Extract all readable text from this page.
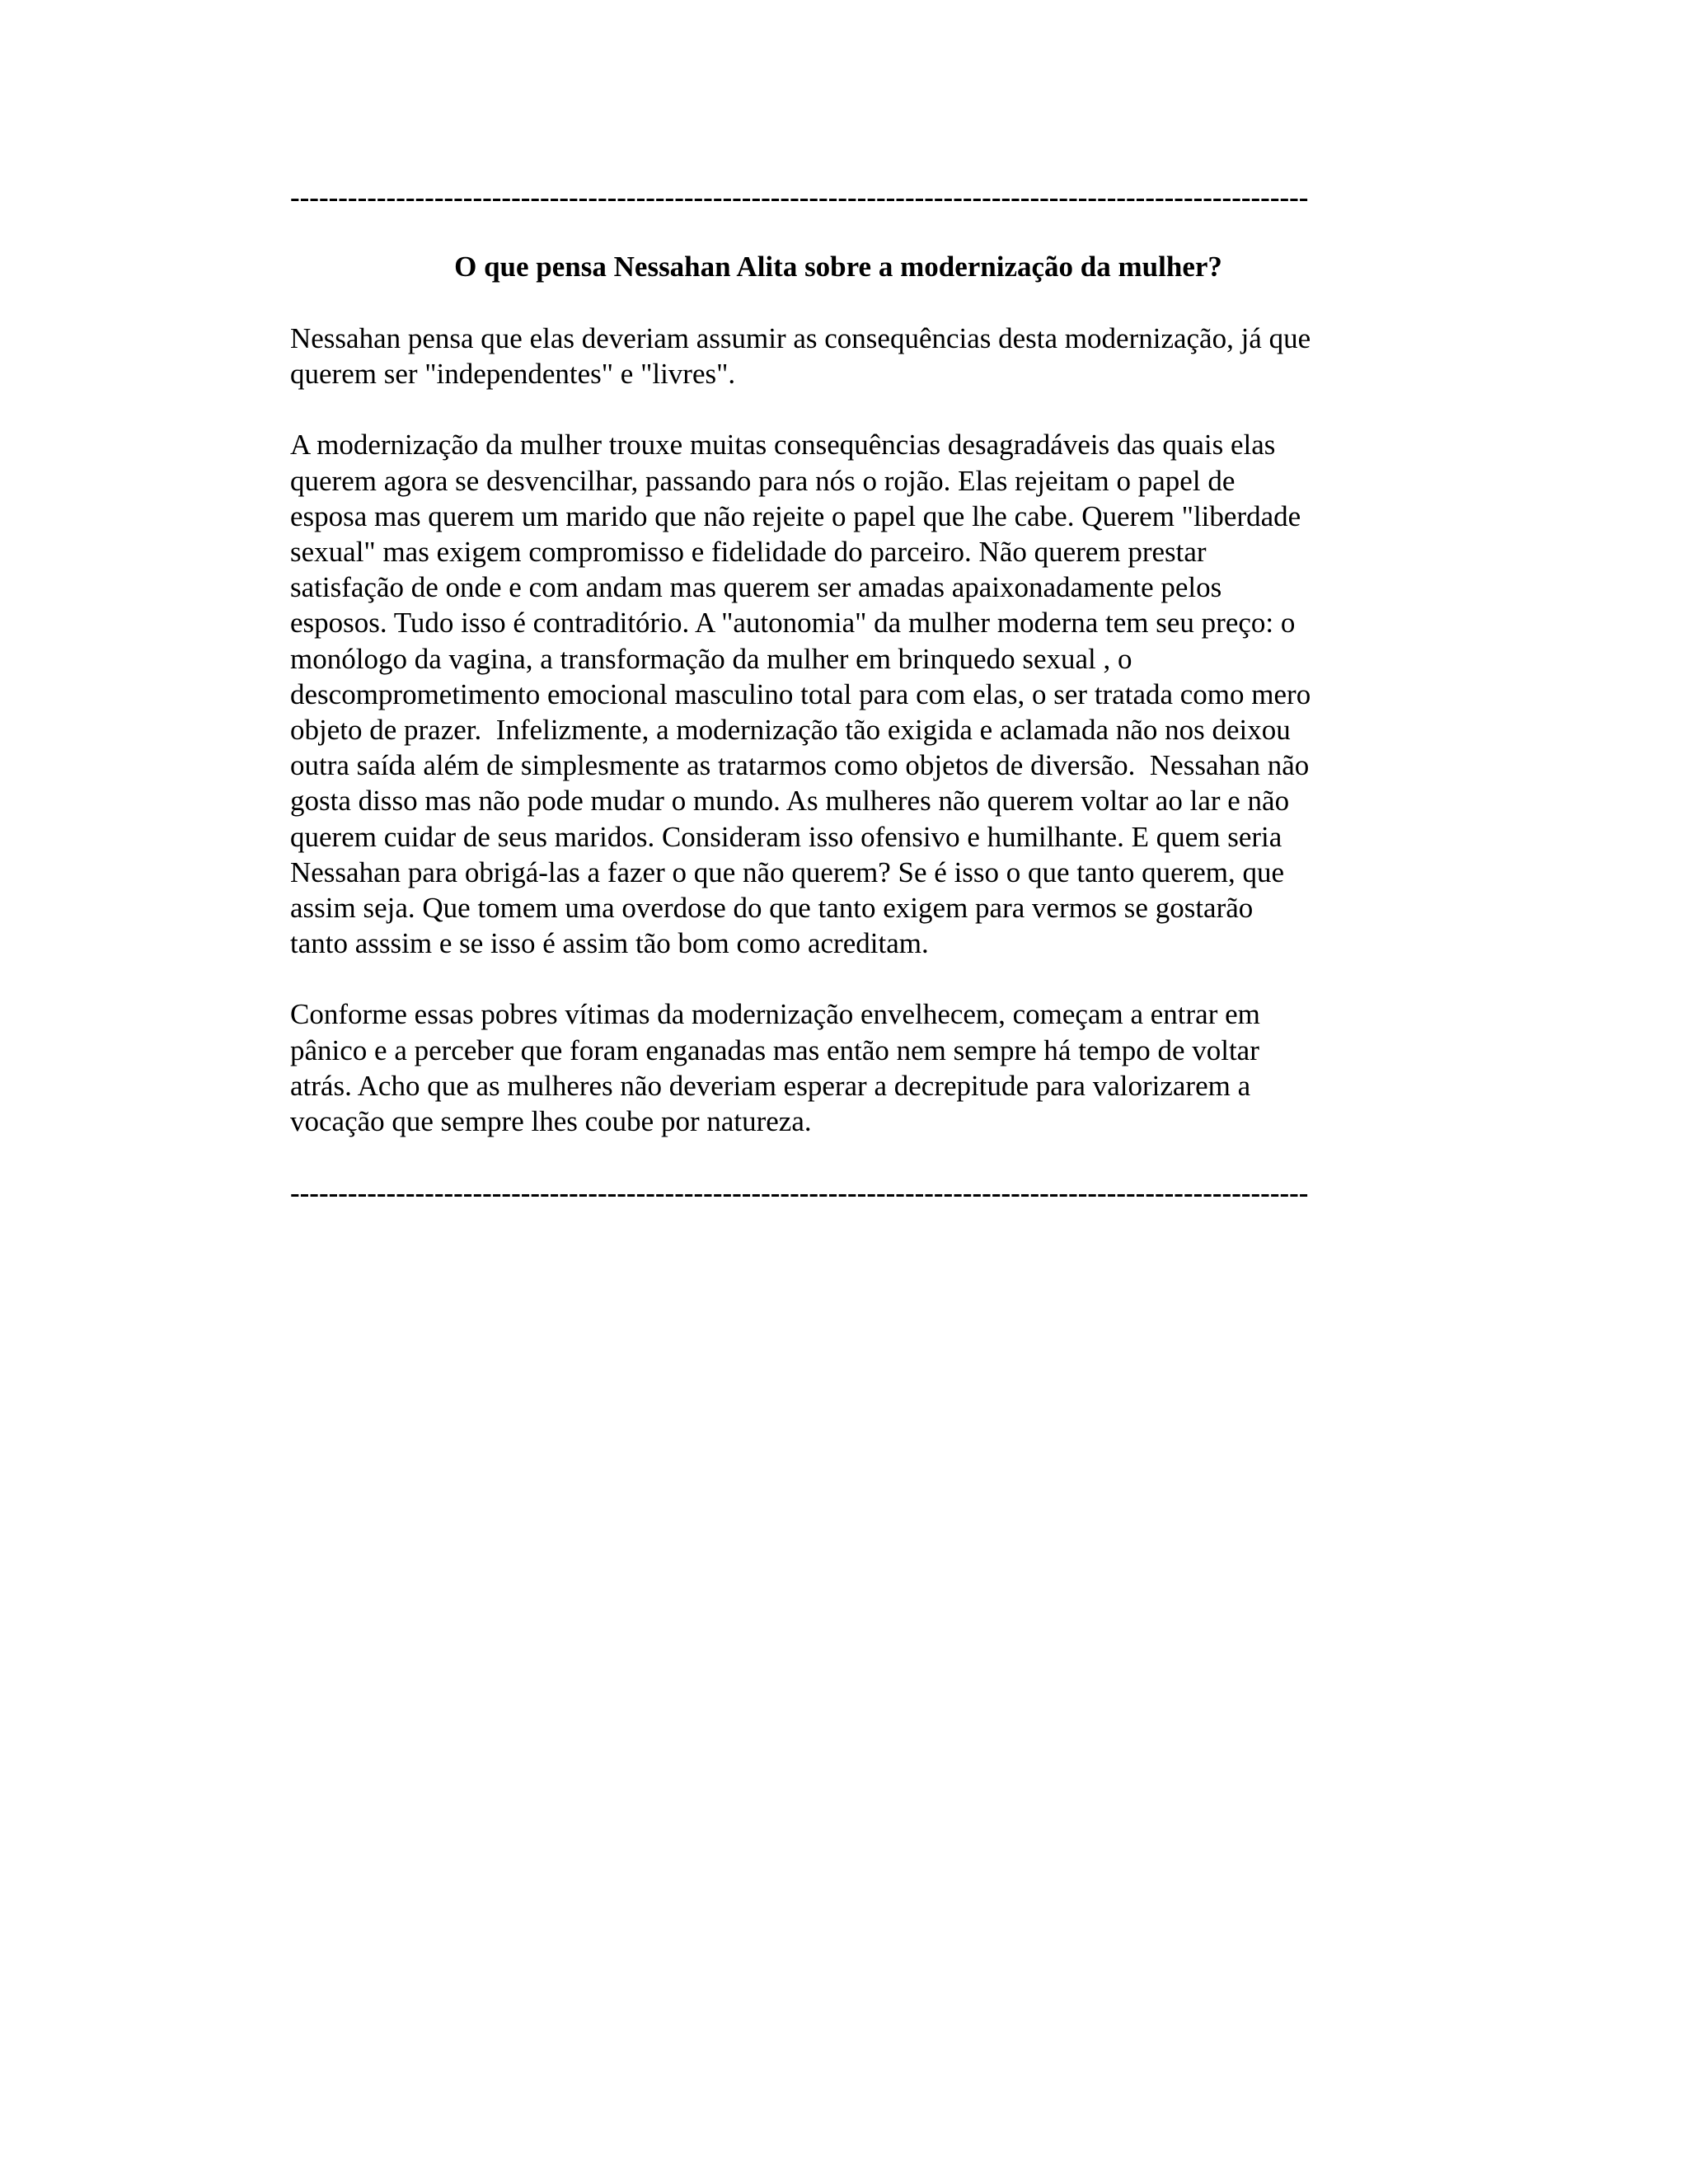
----------------------------------------------------------------------------------------------------------
O que pensa Nessahan Alita sobre a modernização da mulher?
Nessahan pensa que elas deveriam assumir as consequências desta modernização, já que
querem ser "independentes" e "livres".
A modernização da mulher trouxe muitas consequências desagradáveis das quais elas
querem agora se desvencilhar, passando para nós o rojão. Elas rejeitam o papel de
esposa mas querem um marido que não rejeite o papel que lhe cabe. Querem "liberdade
sexual" mas exigem compromisso e fidelidade do parceiro. Não querem prestar
satisfação de onde e com andam mas querem ser amadas apaixonadamente pelos
esposos. Tudo isso é contraditório. A "autonomia" da mulher moderna tem seu preço: o
monólogo da vagina, a transformação da mulher em brinquedo sexual , o
descomprometimento emocional masculino total para com elas, o ser tratada como mero
objeto de prazer.  Infelizmente, a modernização tão exigida e aclamada não nos deixou
outra saída além de simplesmente as tratarmos como objetos de diversão.  Nessahan não
gosta disso mas não pode mudar o mundo. As mulheres não querem voltar ao lar e não
querem cuidar de seus maridos. Consideram isso ofensivo e humilhante. E quem seria
Nessahan para obrigá-las a fazer o que não querem? Se é isso o que tanto querem, que
assim seja. Que tomem uma overdose do que tanto exigem para vermos se gostarão
tanto asssim e se isso é assim tão bom como acreditam.
Conforme essas pobres vítimas da modernização envelhecem, começam a entrar em
pânico e a perceber que foram enganadas mas então nem sempre há tempo de voltar
atrás. Acho que as mulheres não deveriam esperar a decrepitude para valorizarem a
vocação que sempre lhes coube por natureza.
----------------------------------------------------------------------------------------------------------
